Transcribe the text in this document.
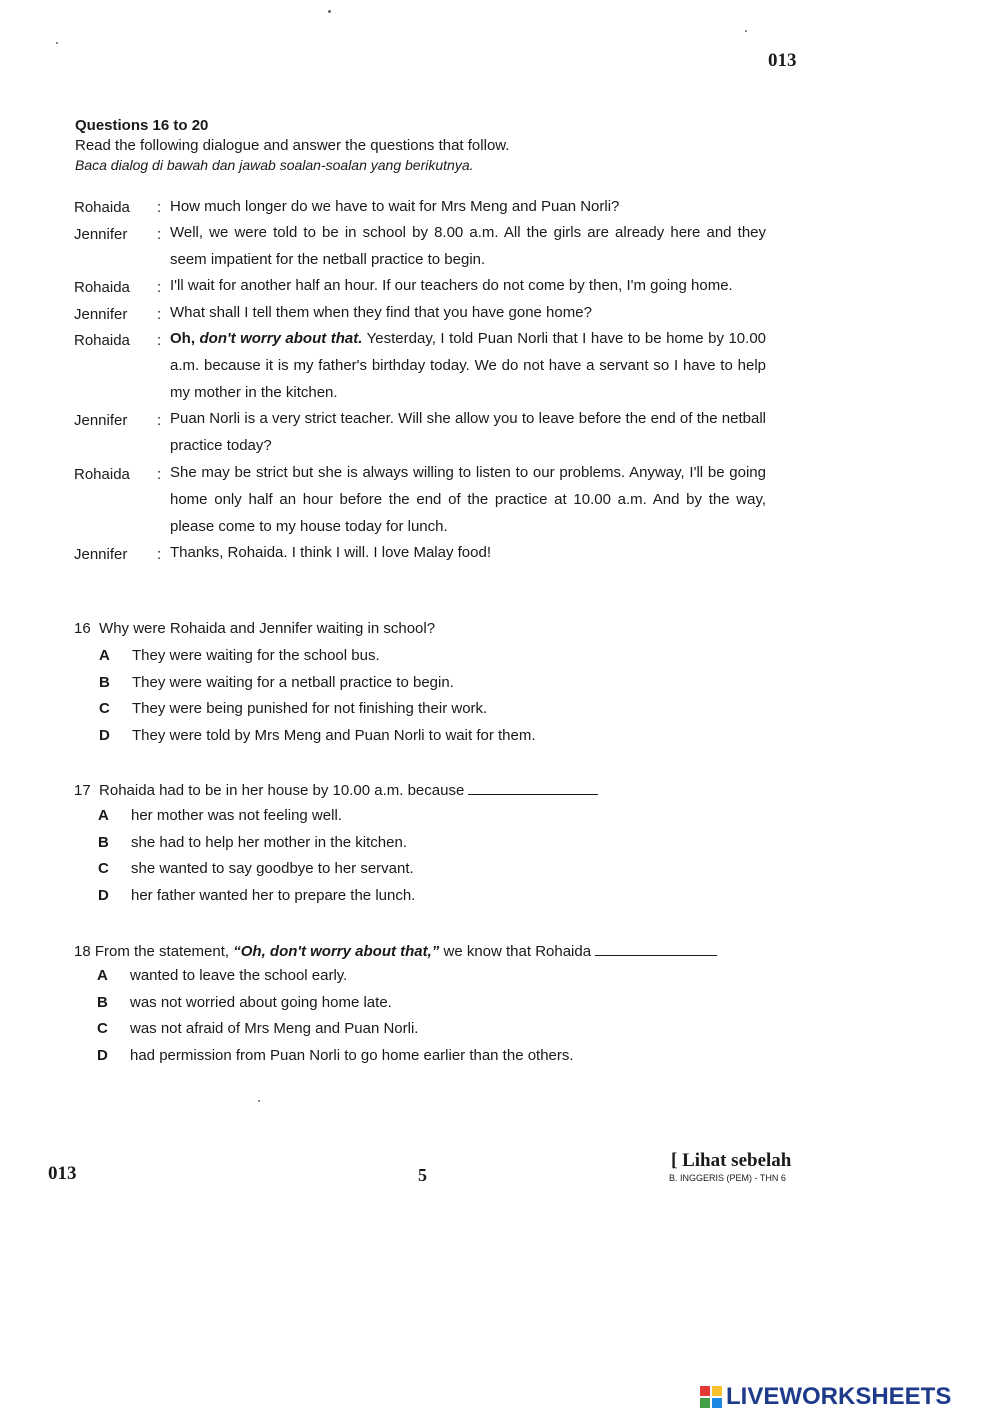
013
Questions 16 to 20
Read the following dialogue and answer the questions that follow.
Baca dialog di bawah dan jawab soalan-soalan yang berikutnya.
Rohaida : How much longer do we have to wait for Mrs Meng and Puan Norli?
Jennifer : Well, we were told to be in school by 8.00 a.m. All the girls are already here and they seem impatient for the netball practice to begin.
Rohaida : I'll wait for another half an hour. If our teachers do not come by then, I'm going home.
Jennifer : What shall I tell them when they find that you have gone home?
Rohaida : Oh, don't worry about that. Yesterday, I told Puan Norli that I have to be home by 10.00 a.m. because it is my father's birthday today. We do not have a servant so I have to help my mother in the kitchen.
Jennifer : Puan Norli is a very strict teacher. Will she allow you to leave before the end of the netball practice today?
Rohaida : She may be strict but she is always willing to listen to our problems. Anyway, I'll be going home only half an hour before the end of the practice at 10.00 a.m. And by the way, please come to my house today for lunch.
Jennifer : Thanks, Rohaida. I think I will. I love Malay food!
16 Why were Rohaida and Jennifer waiting in school?
A They were waiting for the school bus.
B They were waiting for a netball practice to begin.
C They were being punished for not finishing their work.
D They were told by Mrs Meng and Puan Norli to wait for them.
17 Rohaida had to be in her house by 10.00 a.m. because
A her mother was not feeling well.
B she had to help her mother in the kitchen.
C she wanted to say goodbye to her servant.
D her father wanted her to prepare the lunch.
18 From the statement, “Oh, don't worry about that,” we know that Rohaida
A wanted to leave the school early.
B was not worried about going home late.
C was not afraid of Mrs Meng and Puan Norli.
D had permission from Puan Norli to go home earlier than the others.
013	5
[ Lihat sebelah
B. INGGERIS (PEM) - THN 6
LIVEWORKSHEETS
